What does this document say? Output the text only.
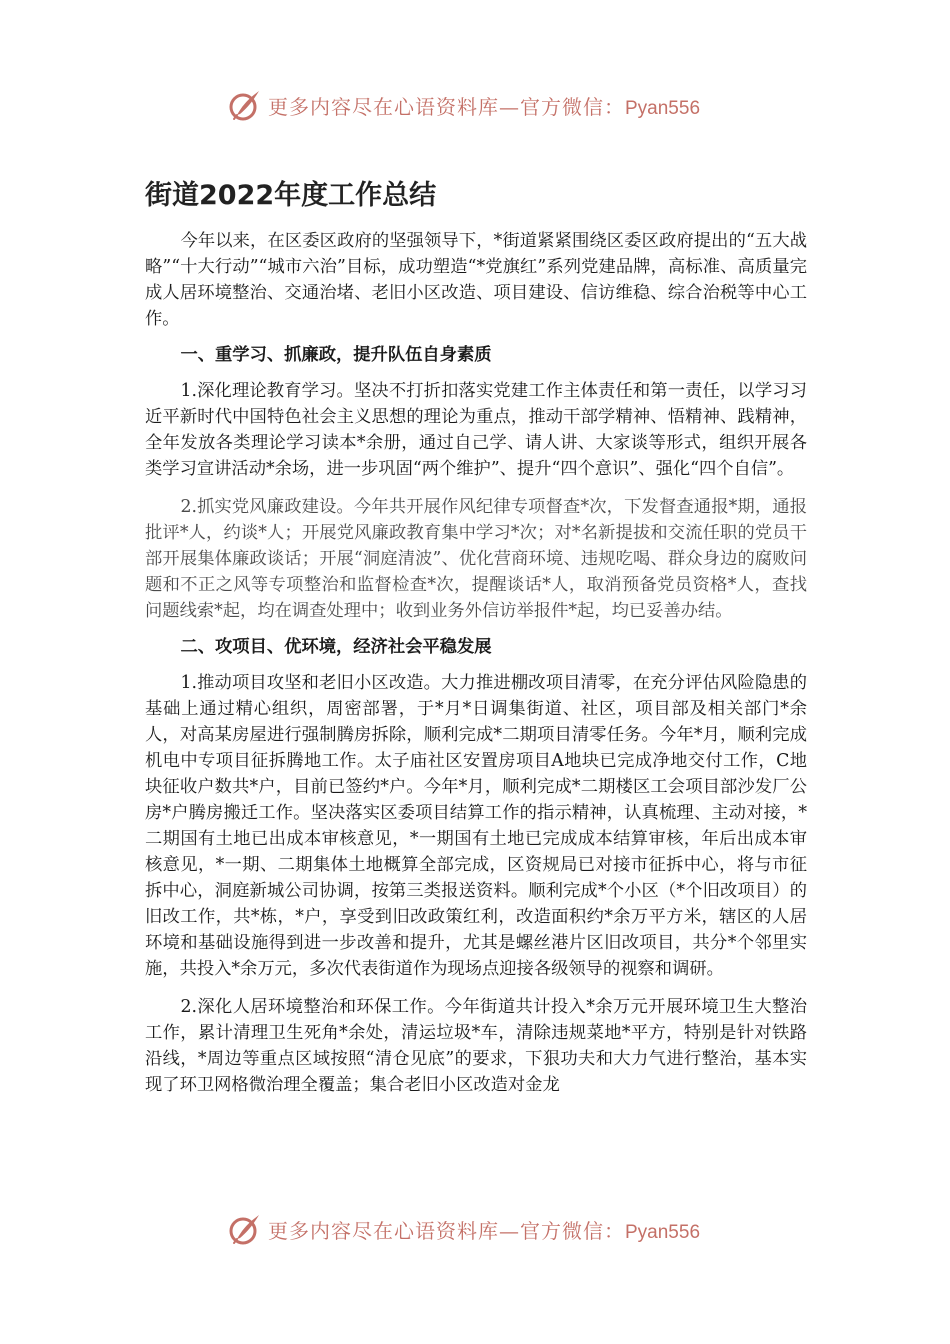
更多内容尽在心语资料库—官方微信：Pyan556
街道2022年度工作总结

今年以来，在区委区政府的坚强领导下，*街道紧紧围绕区委区政府提出的“五大战略”“十大行动”“城市六治”目标，成功塑造“*党旗红”系列党建品牌，高标准、高质量完成人居环境整治、交通治堵、老旧小区改造、项目建设、信访维稳、综合治税等中心工作。

一、重学习、抓廉政，提升队伍自身素质

1.深化理论教育学习。坚决不打折扣落实党建工作主体责任和第一责任，以学习习近平新时代中国特色社会主义思想的理论为重点，推动干部学精神、悟精神、践精神，全年发放各类理论学习读本*余册，通过自己学、请人讲、大家谈等形式，组织开展各类学习宣讲活动*余场，进一步巩固“两个维护”、提升“四个意识”、强化“四个自信”。

2.抓实党风廉政建设。今年共开展作风纪律专项督查*次，下发督查通报*期，通报批评*人，约谈*人；开展党风廉政教育集中学习*次；对*名新提拔和交流任职的党员干部开展集体廉政谈话；开展“洞庭清波”、优化营商环境、违规吃喝、群众身边的腐败问题和不正之风等专项整治和监督检查*次，提醒谈话*人，取消预备党员资格*人，查找问题线索*起，均在调查处理中；收到业务外信访举报件*起，均已妥善办结。

二、攻项目、优环境，经济社会平稳发展

1.推动项目攻坚和老旧小区改造。大力推进棚改项目清零，在充分评估风险隐患的基础上通过精心组织，周密部署，于*月*日调集街道、社区，项目部及相关部门*余人，对高某房屋进行强制腾房拆除，顺利完成*二期项目清零任务。今年*月，顺利完成机电中专项目征拆腾地工作。太子庙社区安置房项目A地块已完成净地交付工作，C地块征收户数共*户，目前已签约*户。今年*月，顺利完成*二期楼区工会项目部沙发厂公房*户腾房搬迁工作。坚决落实区委项目结算工作的指示精神，认真梳理、主动对接，*二期国有土地已出成本审核意见，*一期国有土地已完成成本结算审核，年后出成本审核意见，*一期、二期集体土地概算全部完成，区资规局已对接市征拆中心，将与市征拆中心，洞庭新城公司协调，按第三类报送资料。顺利完成*个小区（*个旧改项目）的旧改工作，共*栋，*户，享受到旧改政策红利，改造面积约*余万平方米，辖区的人居环境和基础设施得到进一步改善和提升，尤其是螺丝港片区旧改项目，共分*个邻里实施，共投入*余万元，多次代表街道作为现场点迎接各级领导的视察和调研。

2.深化人居环境整治和环保工作。今年街道共计投入*余万元开展环境卫生大整治工作，累计清理卫生死角*余处，清运垃圾*车，清除违规菜地*平方，特别是针对铁路沿线，*周边等重点区域按照“清仓见底”的要求，下狠功夫和大力气进行整治，基本实现了环卫网格微治理全覆盖；集合老旧小区改造对金龙

更多内容尽在心语资料库—官方微信：Pyan556
